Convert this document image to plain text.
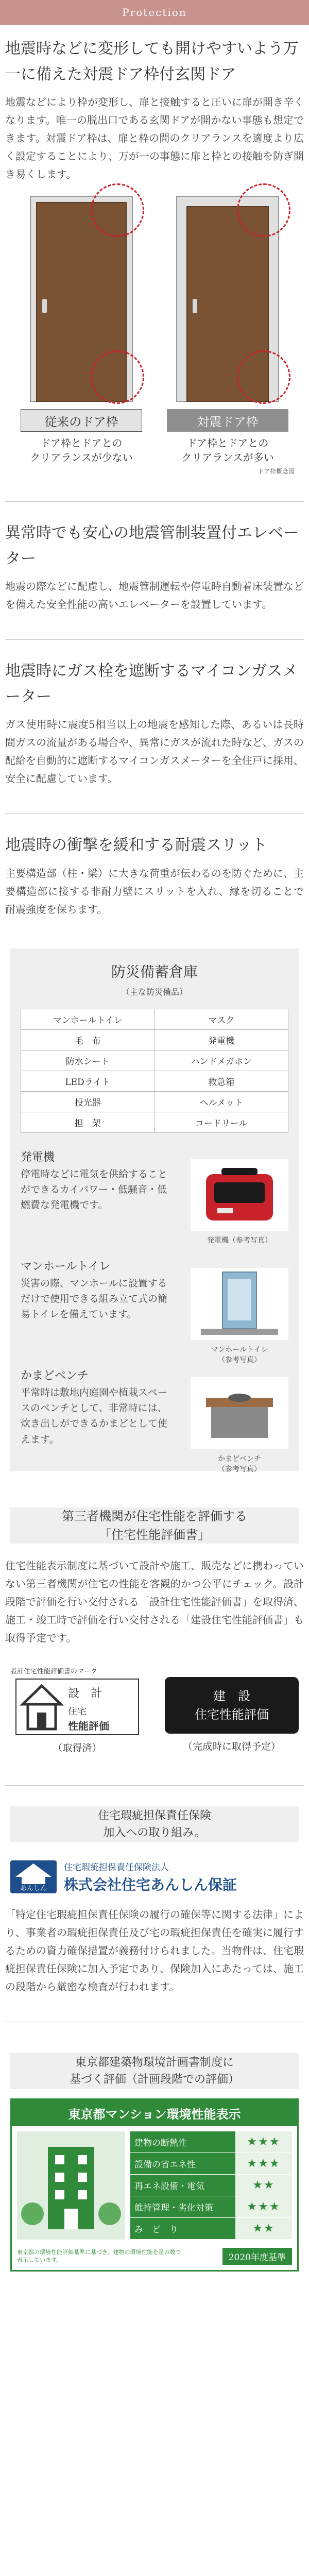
Protection
地震時などに変形しても開けやすいよう万一に備えた対震ドア枠付玄関ドア

地震などにより枠が変形し、扉と接触すると圧いに扉が開き辛くなります。唯一の脱出口である玄関ドアが開かない事態も想定できます。対震ドア枠は、扉と枠の間のクリアランスを適度より広く設定することにより、万が一の事態に扉と枠との接触を防ぎ開き易くします。

従来のドア枠
ドア枠とドアとの
クリアランスが少ない
対震ドア枠
ドア枠とドアとの
クリアランスが多い
ドア枠概念図
異常時でも安心の地震管制装置付エレベーター

地震の際などに配慮し、地震管制運転や停電時自動着床装置などを備えた安全性能の高いエレベーターを設置しています。

地震時にガス栓を遮断するマイコンガスメーター

ガス使用時に震度5相当以上の地震を感知した際、あるいは長時間ガスの流量がある場合や、異常にガスが流れた時など、ガスの配給を自動的に遮断するマイコンガスメーターを全住戸に採用、安全に配慮しています。

地震時の衝撃を緩和する耐震スリット

主要構造部（柱・梁）に大きな荷重が伝わるのを防ぐために、主要構造部に接する非耐力壁にスリットを入れ、縁を切ることで耐震強度を保ちます。

防災備蓄倉庫
（主な防災備品）
マンホールトイレ	マスク
毛　布	発電機
防水シート	ハンドメガホン
LEDライト	救急箱
投光器	ヘルメット
担　架	コードリール
発電機
停電時などに電気を供給することができるカイパワー・低騒音・低燃費な発電機です。
発電機（参考写真）
マンホールトイレ
災害の際、マンホールに設置するだけで使用できる組み立て式の簡易トイレを備えています。
マンホールトイレ
（参考写真）
かまどベンチ
平常時は敷地内庭園や植栽スペースのベンチとして、非常時には、炊き出しができるかまどとして使えます。
かまどベンチ
（参考写真）
第三者機関が住宅性能を評価する
「住宅性能評価書」

住宅性能表示制度に基づいて設計や施工、販売などに携わっていない第三者機関が住宅の性能を客観的かつ公平にチェック。設計段階で評価を行い交付される「設計住宅性能評価書」を取得済、施工・竣工時で評価を行い交付される「建設住宅性能評価書」も取得予定です。

設計住宅性能評価書のマーク
設　計
住宅
性能評価
（取得済）
建　設
住宅性能評価
（完成時に取得予定）
住宅瑕疵担保責任保険
加入への取り組み。
あんしん
住宅瑕疵担保責任保険法人
株式会社住宅あんしん保証

「特定住宅瑕疵担保責任保険の履行の確保等に関する法律」により、事業者の瑕疵担保責任及び宅の瑕疵担保責任を確実に履行するための資力確保措置が義務付けられました。当物件は、住宅瑕疵担保責任保険に加入予定であり、保険加入にあたっては、施工の段階から厳密な検査が行われます。

東京都建築物環境計画書制度に
基づく評価（計画段階での評価）
東京都マンション環境性能表示
建物の断熱性	★★★
設備の省エネ性	★★★
再エネ設備・電気	★★
維持管理・劣化対策	★★★
み　ど　り	★★
東京都の環境性能評価基準に基づき、建物の環境性能を星の数で表示しています。	2020年度基準
